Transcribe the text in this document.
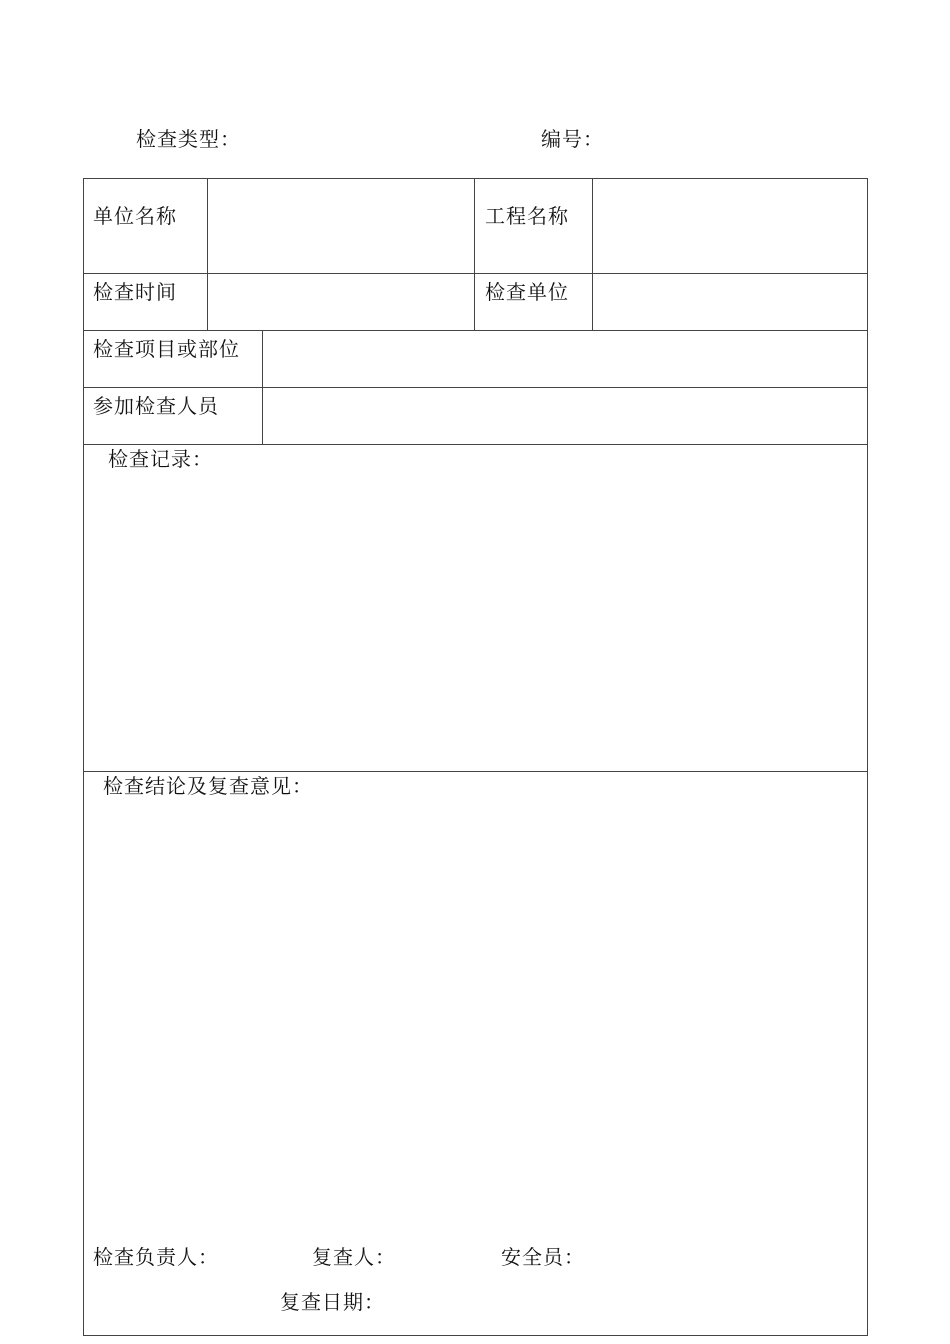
检查类型：	编号：
单位名称	工程名称
检查时间	检查单位
检查项目或部位
参加检查人员
检查记录：
检查结论及复查意见：
检查负责人：	复查人：	安全员：
复查日期：
